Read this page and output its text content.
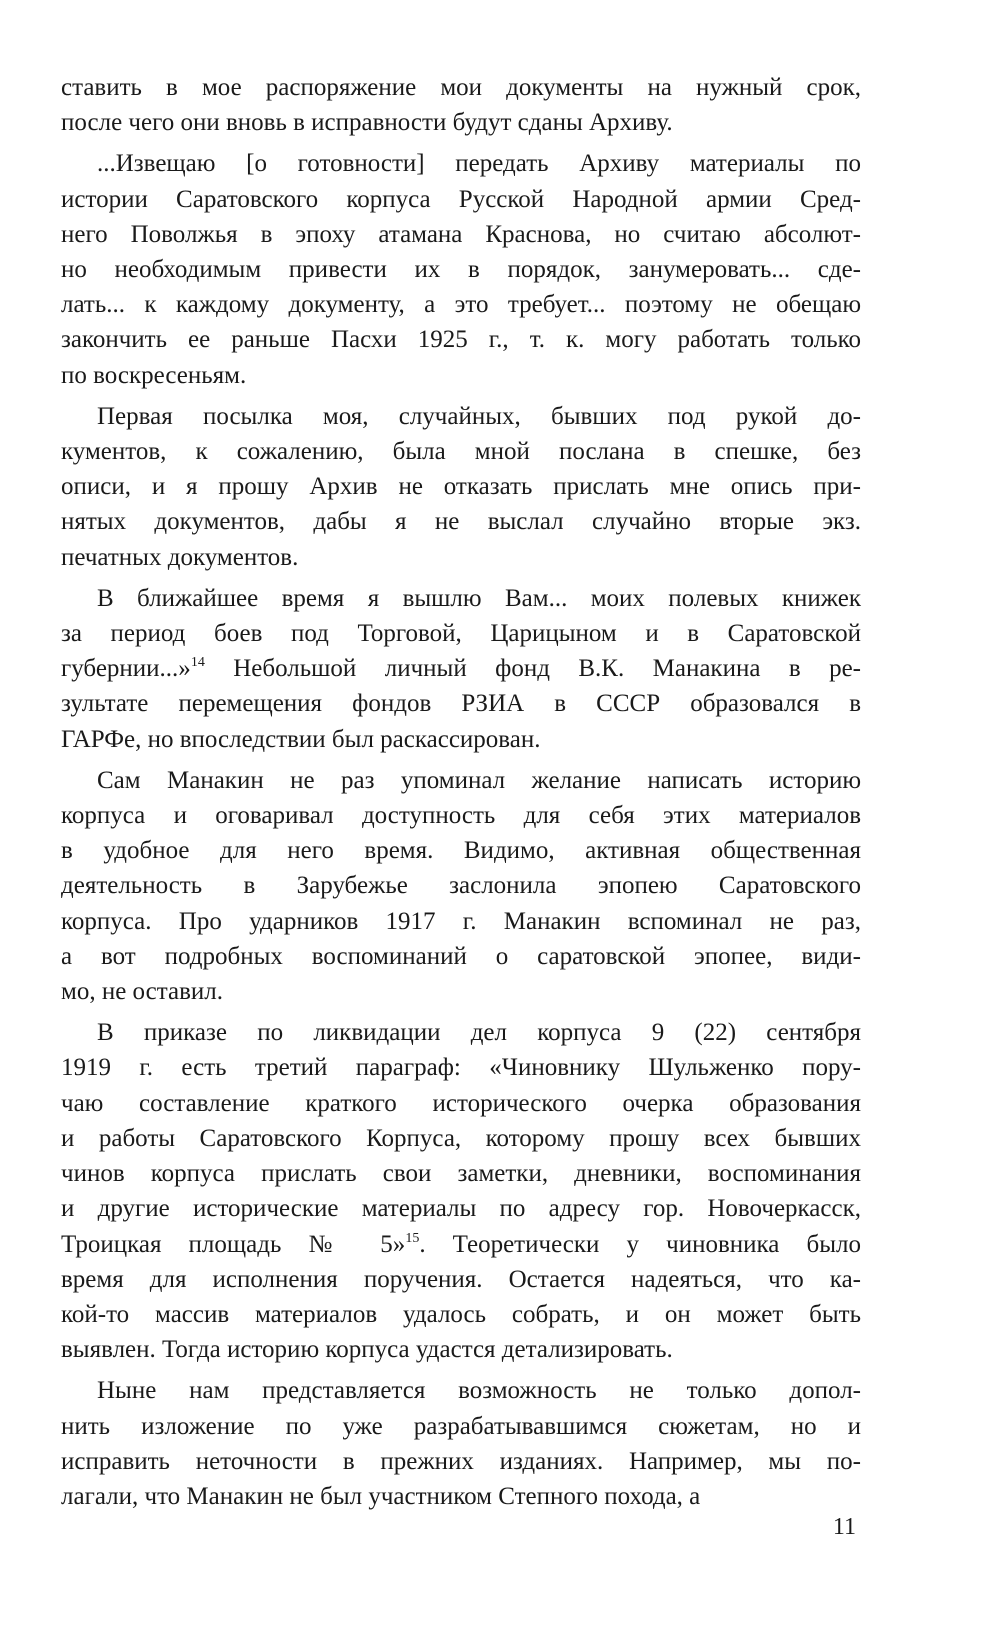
ставить в мое распоряжение мои документы на нужный срок,
после чего они вновь в исправности будут сданы Архиву.
...Извещаю [о готовности] передать Архиву материалы по
истории Саратовского корпуса Русской Народной армии Сред-
него Поволжья в эпоху атамана Краснова, но считаю абсолют-
но необходимым привести их в порядок, занумеровать... сде-
лать... к каждому документу, а это требует... поэтому не обещаю
закончить ее раньше Пасхи 1925 г., т. к. могу работать только
по воскресеньям.
Первая посылка моя, случайных, бывших под рукой до-
кументов, к сожалению, была мной послана в спешке, без
описи, и я прошу Архив не отказать прислать мне опись при-
нятых документов, дабы я не выслал случайно вторые экз.
печатных документов.
В ближайшее время я вышлю Вам... моих полевых книжек
за период боев под Торговой, Царицыном и в Саратовской
губернии...»$^{14}$ Небольшой личный фонд В.К. Манакина в ре-
зультате перемещения фондов РЗИА в СССР образовался в
ГАРФе, но впоследствии был раскассирован.
Сам Манакин не раз упоминал желание написать историю
корпуса и оговаривал доступность для себя этих материалов
в удобное для него время. Видимо, активная общественная
деятельность в Зарубежье заслонила эпопею Саратовского
корпуса. Про ударников 1917 г. Манакин вспоминал не раз,
а вот подробных воспоминаний о саратовской эпопее, види-
мо, не оставил.
В приказе по ликвидации дел корпуса 9 (22) сентября
1919 г. есть третий параграф: «Чиновнику Шульженко пору-
чаю составление краткого исторического очерка образования
и работы Саратовского Корпуса, которому прошу всех бывших
чинов корпуса прислать свои заметки, дневники, воспоминания
и другие исторические материалы по адресу гор. Новочеркасск,
Троицкая площадь № 5»$^{15}$. Теоретически у чиновника было
время для исполнения поручения. Остается надеяться, что ка-
кой-то массив материалов удалось собрать, и он может быть
выявлен. Тогда историю корпуса удастся детализировать.
Ныне нам представляется возможность не только допол-
нить изложение по уже разрабатывавшимся сюжетам, но и
исправить неточности в прежних изданиях. Например, мы по-
лагали, что Манакин не был участником Степного похода, а
11
